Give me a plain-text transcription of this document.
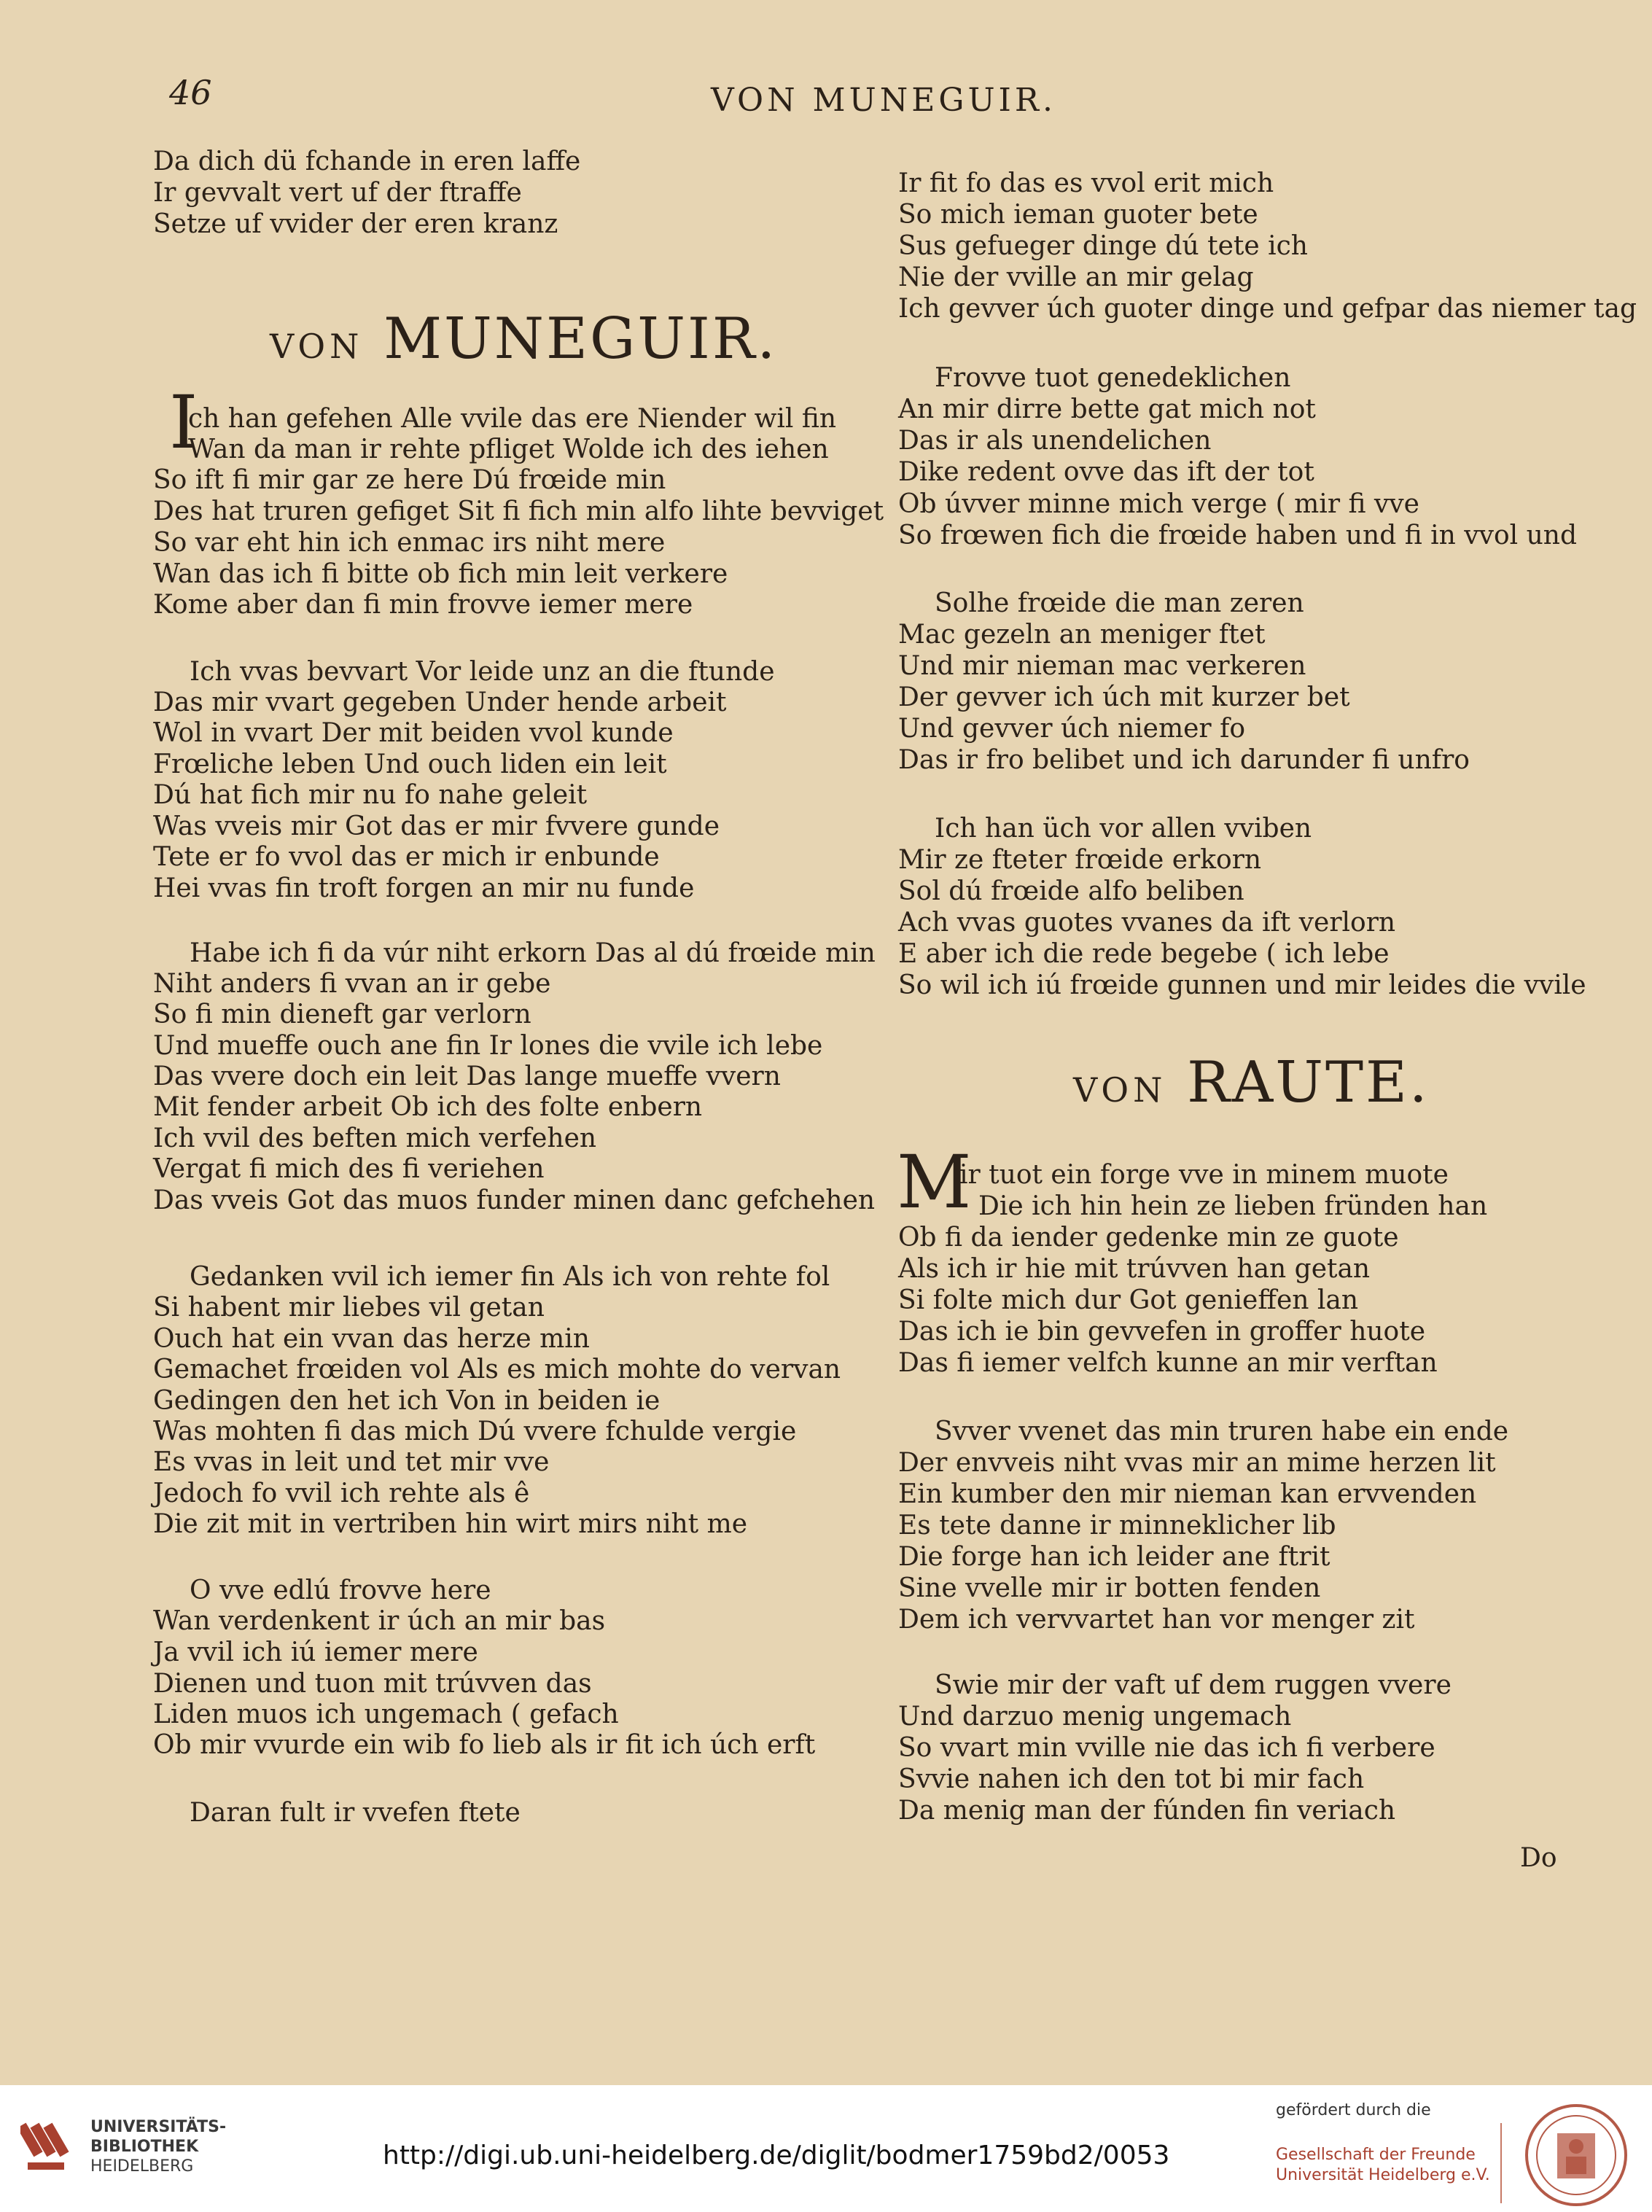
46	VON MUNEGUIR.
Da dich dü fchande in eren laffe
Ir gevvalt vert uf der ftraffe
Setze uf vvider der eren kranz
VON MUNEGUIR.
I
ch han gefehen Alle vvile das ere Niender wil fin
Wan da man ir rehte pfliget Wolde ich des iehen
So ift fi mir gar ze here Dú frœide min
Des hat truren gefiget Sit fi fich min alfo lihte bevviget
So var eht hin ich enmac irs niht mere
Wan das ich fi bitte ob fich min leit verkere
Kome aber dan fi min frovve iemer mere
Ich vvas bevvart Vor leide unz an die ftunde
Das mir vvart gegeben Under hende arbeit
Wol in vvart Der mit beiden vvol kunde
Frœliche leben Und ouch liden ein leit
Dú hat fich mir nu fo nahe geleit
Was vveis mir Got das er mir fvvere gunde
Tete er fo vvol das er mich ir enbunde
Hei vvas fin troft forgen an mir nu funde
Habe ich fi da vúr niht erkorn Das al dú frœide min
Niht anders fi vvan an ir gebe
So fi min dieneft gar verlorn
Und mueffe ouch ane fin Ir lones die vvile ich lebe
Das vvere doch ein leit Das lange mueffe vvern
Mit fender arbeit Ob ich des folte enbern
Ich vvil des beften mich verfehen
Vergat fi mich des fi veriehen
Das vveis Got das muos funder minen danc gefchehen
Gedanken vvil ich iemer fin Als ich von rehte fol
Si habent mir liebes vil getan
Ouch hat ein vvan das herze min
Gemachet frœiden vol Als es mich mohte do vervan
Gedingen den het ich Von in beiden ie
Was mohten fi das mich Dú vvere fchulde vergie
Es vvas in leit und tet mir vve
Jedoch fo vvil ich rehte als ê
Die zit mit in vertriben hin wirt mirs niht me
O vve edlú frovve here
Wan verdenkent ir úch an mir bas
Ja vvil ich iú iemer mere
Dienen und tuon mit trúvven das
Liden muos ich ungemach ( gefach
Ob mir vvurde ein wib fo lieb als ir fit ich úch erft
Daran fult ir vvefen ftete
Ir fit fo das es vvol erit mich
So mich ieman guoter bete
Sus gefueger dinge dú tete ich
Nie der vville an mir gelag
Ich gevver úch guoter dinge und gefpar das niemer tag
Frovve tuot genedeklichen
An mir dirre bette gat mich not
Das ir als unendelichen
Dike redent ovve das ift der tot
Ob úvver minne mich verge ( mir fi vve
So frœwen fich die frœide haben und fi in vvol und
Solhe frœide die man zeren
Mac gezeln an meniger ftet
Und mir nieman mac verkeren
Der gevver ich úch mit kurzer bet
Und gevver úch niemer fo
Das ir fro belibet und ich darunder fi unfro
Ich han üch vor allen vviben
Mir ze fteter frœide erkorn
Sol dú frœide alfo beliben
Ach vvas guotes vvanes da ift verlorn
E aber ich die rede begebe ( ich lebe
So wil ich iú frœide gunnen und mir leides die vvile
VON RAUTE.
M
ir tuot ein forge vve in minem muote
Die ich hin hein ze lieben fründen han
Ob fi da iender gedenke min ze guote
Als ich ir hie mit trúvven han getan
Si folte mich dur Got genieffen lan
Das ich ie bin gevvefen in groffer huote
Das fi iemer velfch kunne an mir verftan
Svver vvenet das min truren habe ein ende
Der envveis niht vvas mir an mime herzen lit
Ein kumber den mir nieman kan ervvenden
Es tete danne ir minneklicher lib
Die forge han ich leider ane ftrit
Sine vvelle mir ir botten fenden
Dem ich vervvartet han vor menger zit
Swie mir der vaft uf dem ruggen vvere
Und darzuo menig ungemach
So vvart min vville nie das ich fi verbere
Svvie nahen ich den tot bi mir fach
Da menig man der fúnden fin veriach
Do
UNIVERSITÄTS-
BIBLIOTHEK
HEIDELBERG	http://digi.ub.uni-heidelberg.de/diglit/bodmer1759bd2/0053
gefördert durch die
Gesellschaft der Freunde
Universität Heidelberg e.V.
